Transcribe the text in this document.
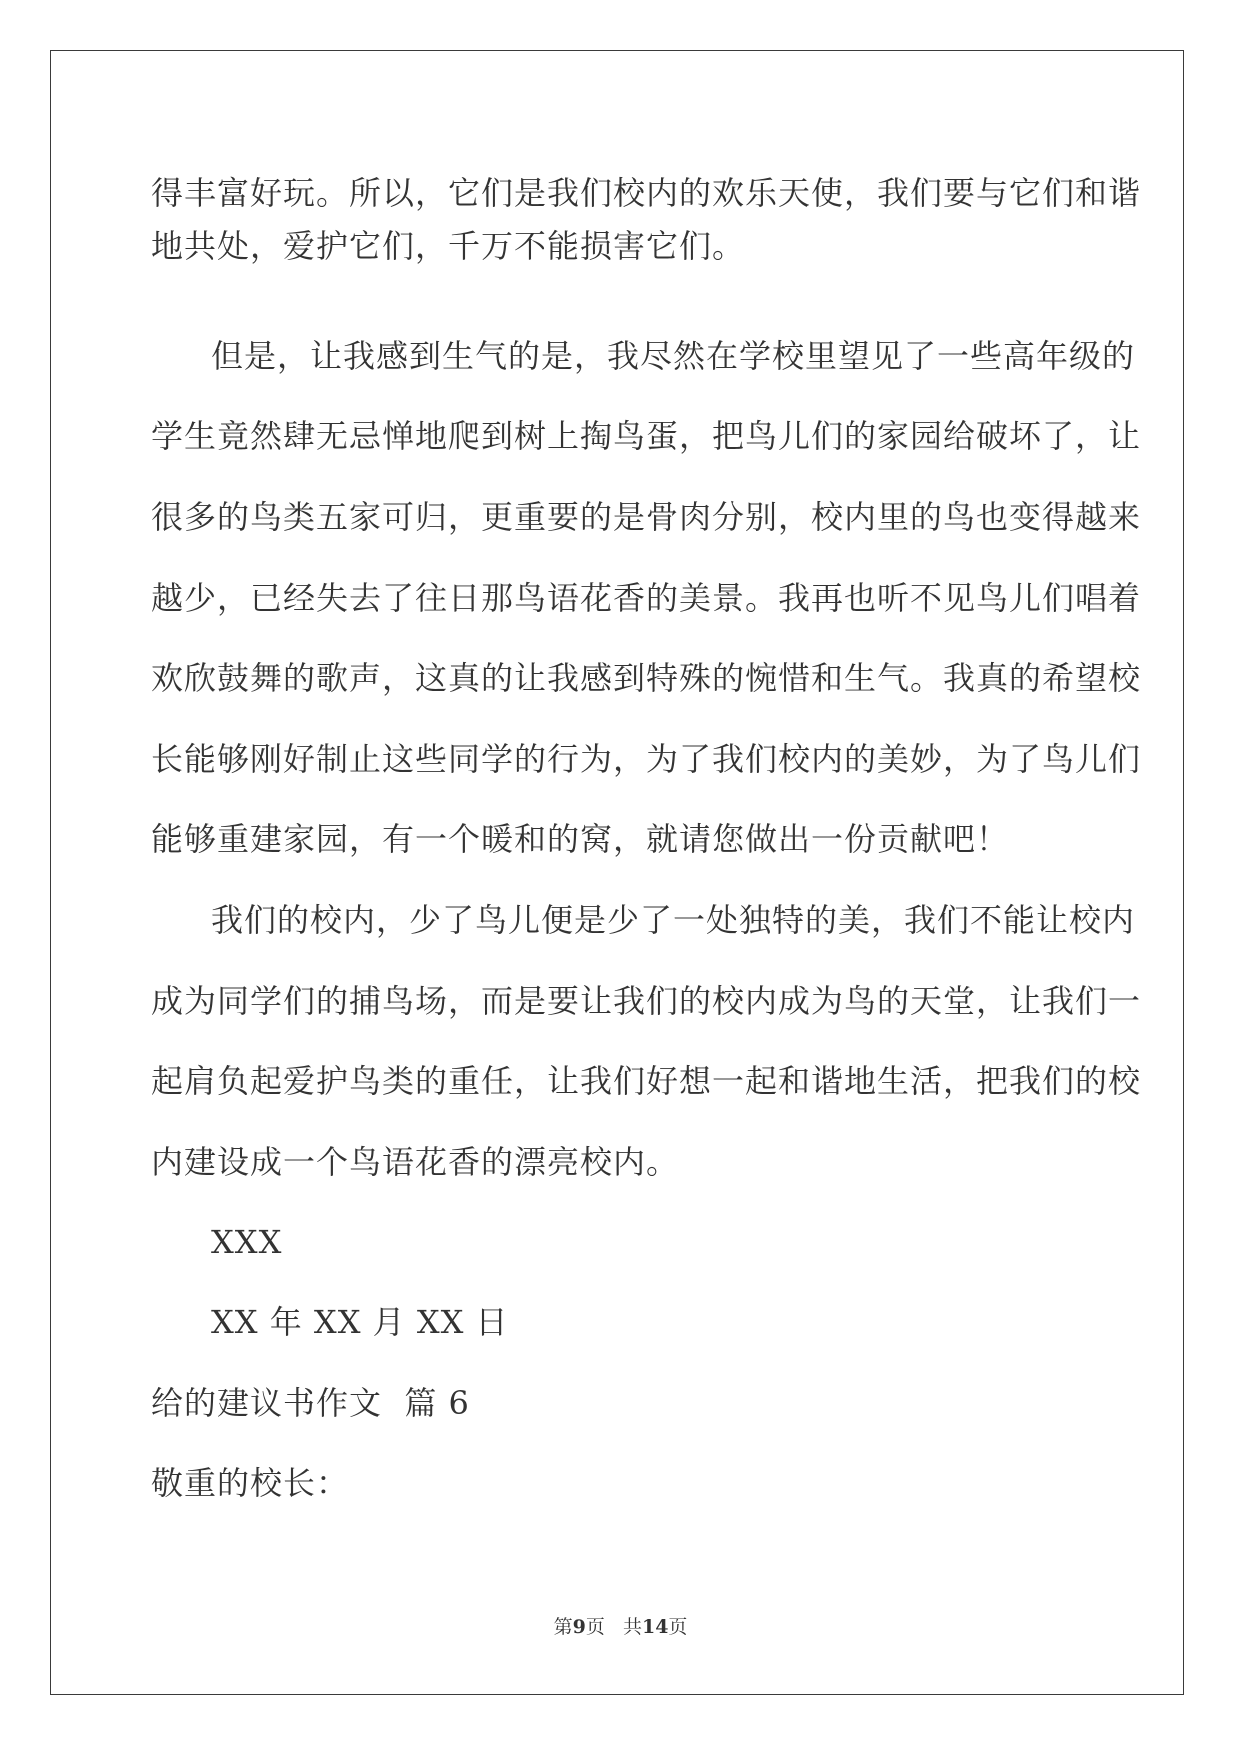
得丰富好玩。所以，它们是我们校内的欢乐天使，我们要与它们和谐

地共处，爱护它们，千万不能损害它们。

但是，让我感到生气的是，我尽然在学校里望见了一些高年级的

学生竟然肆无忌惮地爬到树上掏鸟蛋，把鸟儿们的家园给破坏了，让

很多的鸟类五家可归，更重要的是骨肉分别，校内里的鸟也变得越来

越少，已经失去了往日那鸟语花香的美景。我再也听不见鸟儿们唱着

欢欣鼓舞的歌声，这真的让我感到特殊的惋惜和生气。我真的希望校

长能够刚好制止这些同学的行为，为了我们校内的美妙，为了鸟儿们

能够重建家园，有一个暖和的窝，就请您做出一份贡献吧！

我们的校内，少了鸟儿便是少了一处独特的美，我们不能让校内

成为同学们的捕鸟场，而是要让我们的校内成为鸟的天堂，让我们一

起肩负起爱护鸟类的重任，让我们好想一起和谐地生活，把我们的校

内建设成一个鸟语花香的漂亮校内。

XXX

XX 年 XX 月 XX 日

给的建议书作文  篇 6

敬重的校长：

第9页 共14页
